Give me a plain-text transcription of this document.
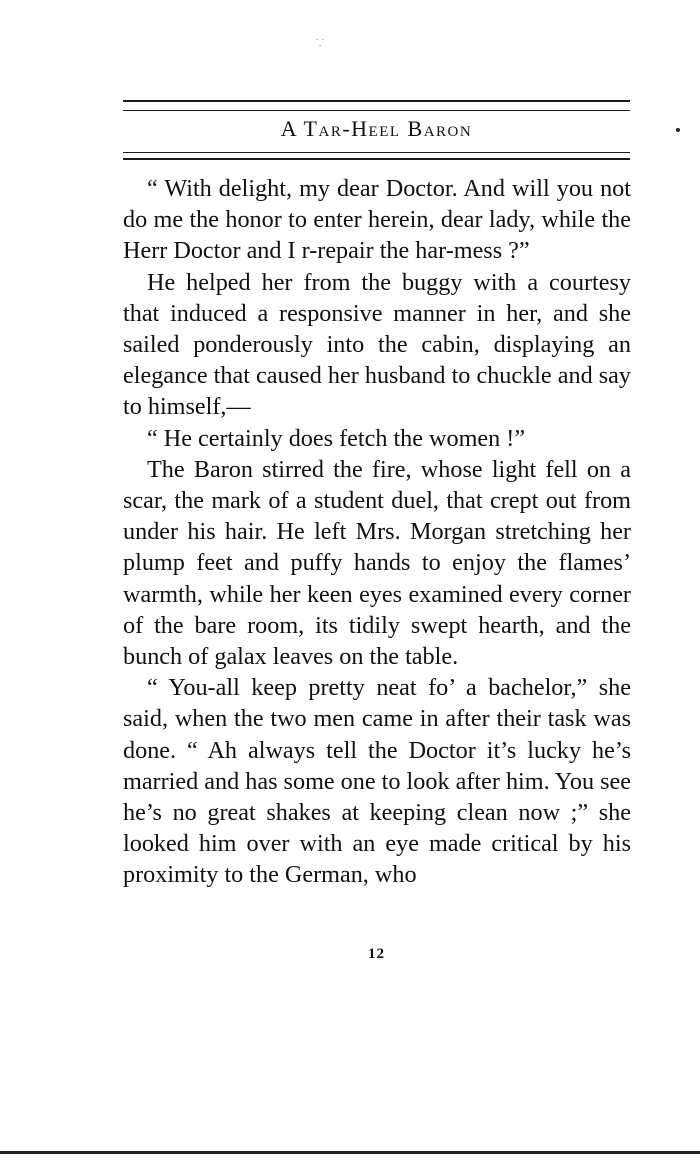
⸪
A Tar-Heel Baron

“ With delight, my dear Doctor. And will you not do me the honor to enter herein, dear lady, while the Herr Doctor and I r-repair the har-mess ?”

He helped her from the buggy with a courtesy that induced a responsive manner in her, and she sailed ponderously into the cabin, displaying an elegance that caused her husband to chuckle and say to himself,—

“ He certainly does fetch the women !”

The Baron stirred the fire, whose light fell on a scar, the mark of a student duel, that crept out from under his hair. He left Mrs. Morgan stretching her plump feet and puffy hands to enjoy the flames’ warmth, while her keen eyes examined every corner of the bare room, its tidily swept hearth, and the bunch of galax leaves on the table.

“ You-all keep pretty neat fo’ a bachelor,” she said, when the two men came in after their task was done. “ Ah always tell the Doctor it’s lucky he’s married and has some one to look after him. You see he’s no great shakes at keeping clean now ;” she looked him over with an eye made critical by his proximity to the German, who

12
